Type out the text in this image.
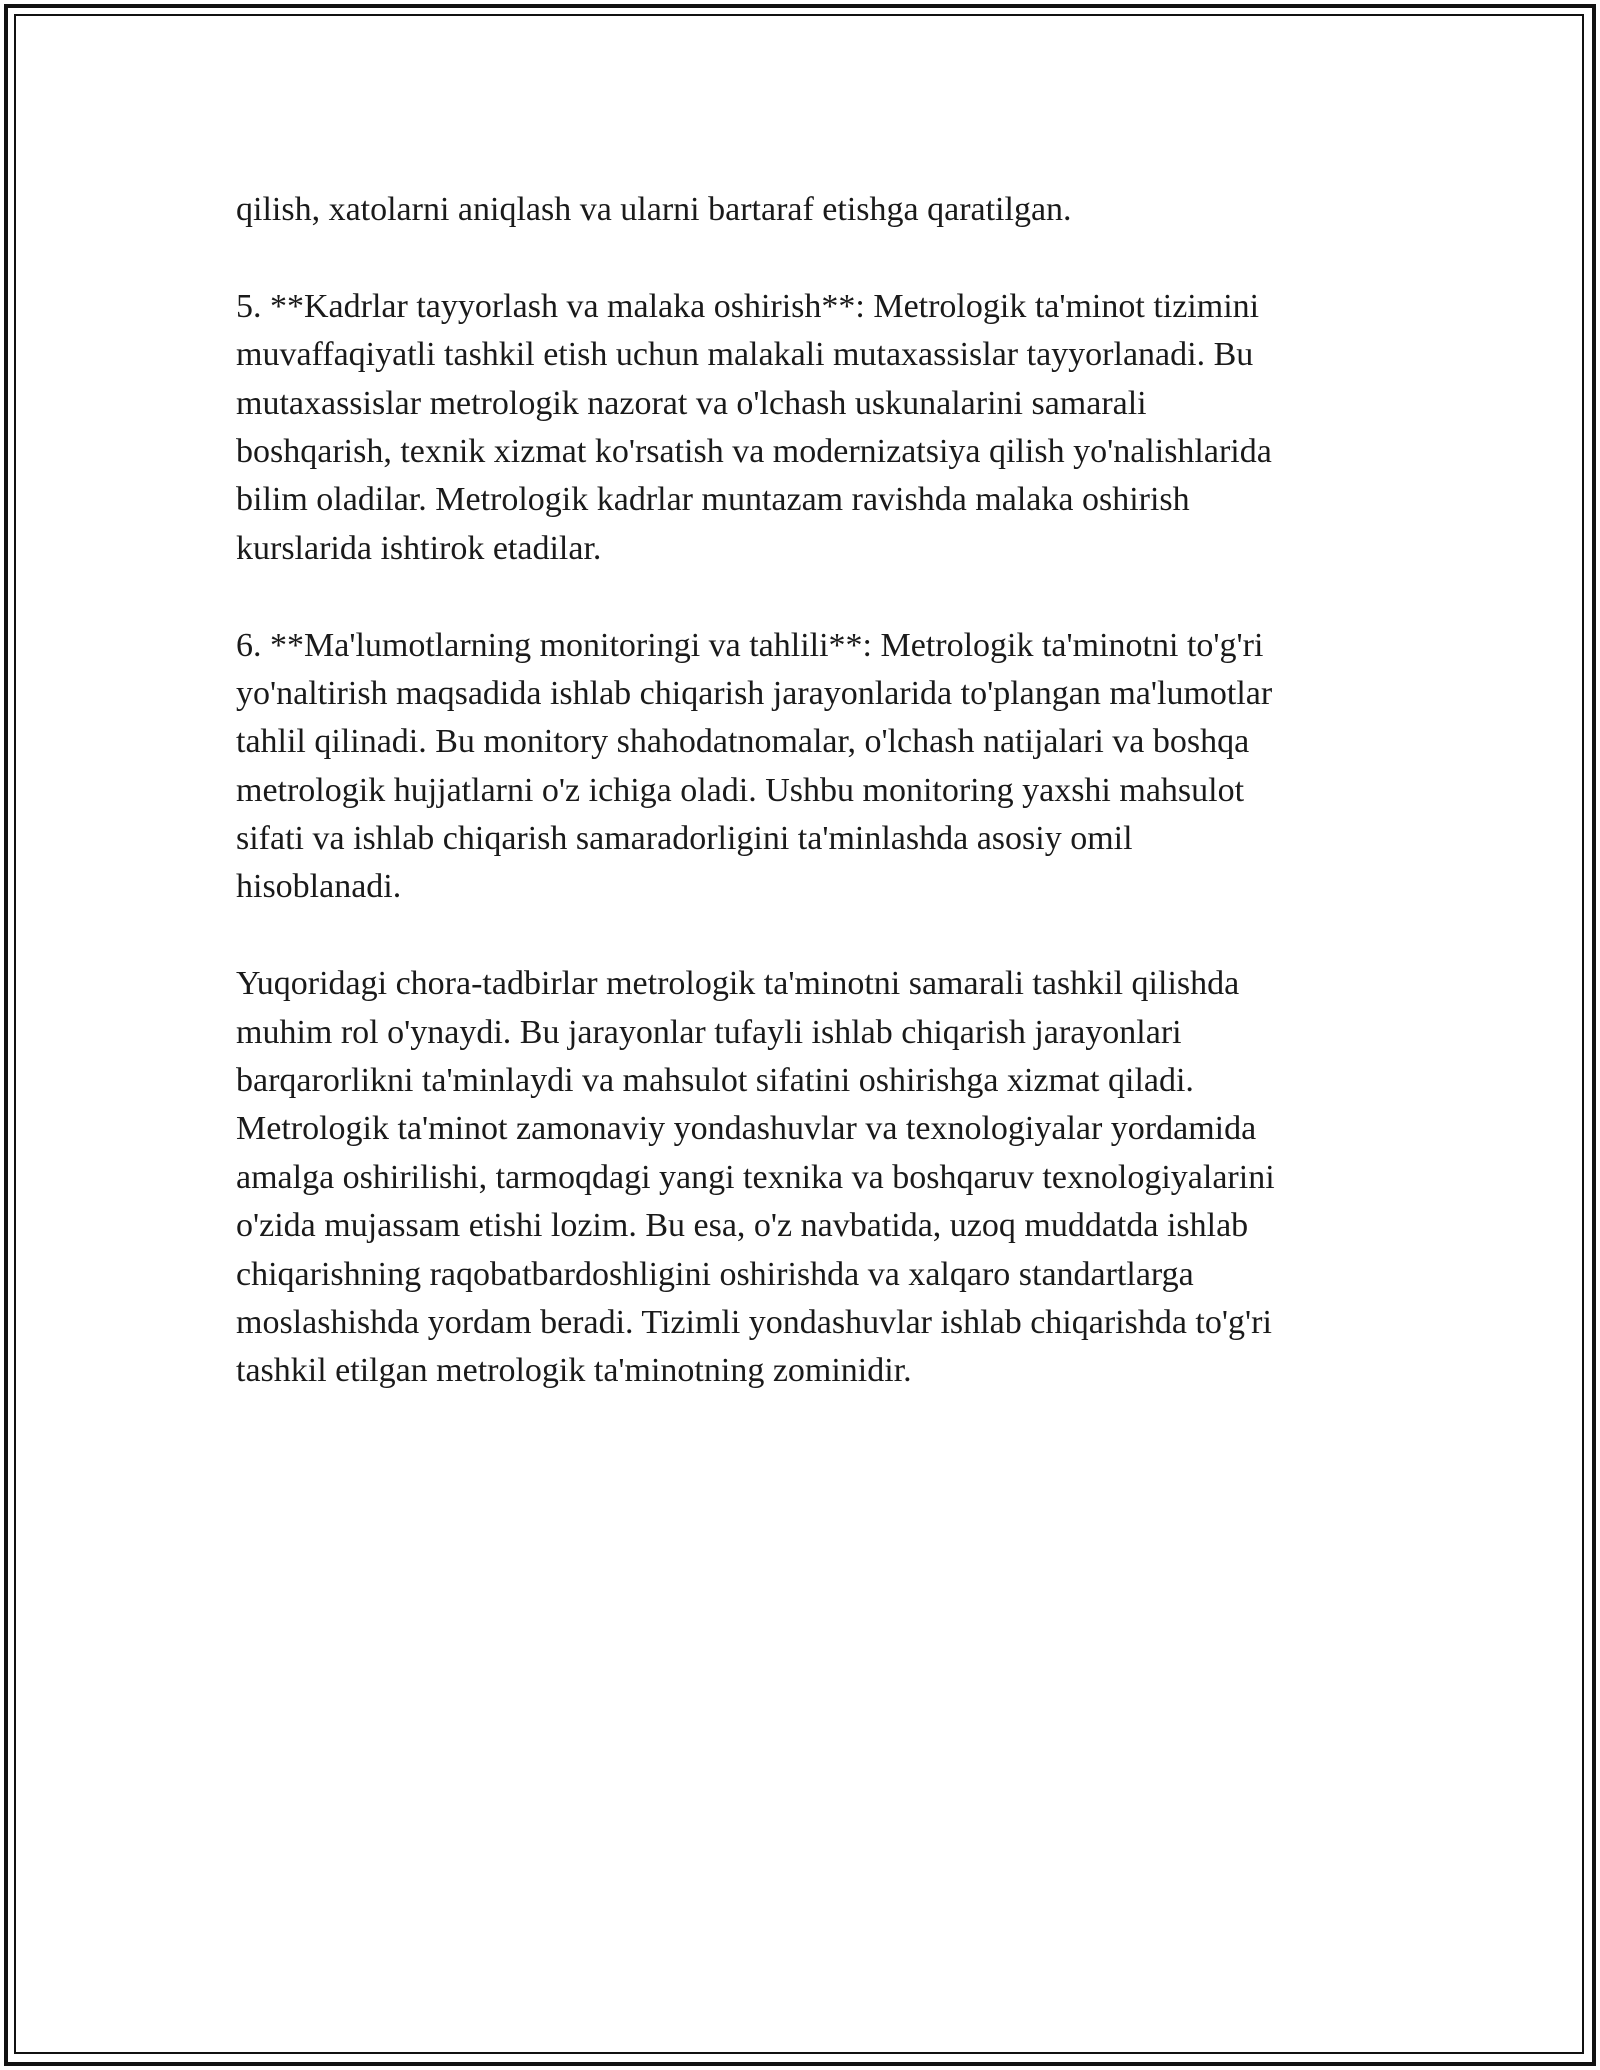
qilish, xatolarni aniqlash va ularni bartaraf etishga qaratilgan.
5. **Kadrlar tayyorlash va malaka oshirish**: Metrologik ta'minot tizimini
muvaffaqiyatli tashkil etish uchun malakali mutaxassislar tayyorlanadi. Bu
mutaxassislar metrologik nazorat va o'lchash uskunalarini samarali
boshqarish, texnik xizmat ko'rsatish va modernizatsiya qilish yo'nalishlarida
bilim oladilar. Metrologik kadrlar muntazam ravishda malaka oshirish
kurslarida ishtirok etadilar.
6. **Ma'lumotlarning monitoringi va tahlili**: Metrologik ta'minotni to'g'ri
yo'naltirish maqsadida ishlab chiqarish jarayonlarida to'plangan ma'lumotlar
tahlil qilinadi. Bu monitory shahodatnomalar, o'lchash natijalari va boshqa
metrologik hujjatlarni o'z ichiga oladi. Ushbu monitoring yaxshi mahsulot
sifati va ishlab chiqarish samaradorligini ta'minlashda asosiy omil
hisoblanadi.
Yuqoridagi chora-tadbirlar metrologik ta'minotni samarali tashkil qilishda
muhim rol o'ynaydi. Bu jarayonlar tufayli ishlab chiqarish jarayonlari
barqarorlikni ta'minlaydi va mahsulot sifatini oshirishga xizmat qiladi.
Metrologik ta'minot zamonaviy yondashuvlar va texnologiyalar yordamida
amalga oshirilishi, tarmoqdagi yangi texnika va boshqaruv texnologiyalarini
o'zida mujassam etishi lozim. Bu esa, o'z navbatida, uzoq muddatda ishlab
chiqarishning raqobatbardoshligini oshirishda va xalqaro standartlarga
moslashishda yordam beradi. Tizimli yondashuvlar ishlab chiqarishda to'g'ri
tashkil etilgan metrologik ta'minotning zominidir.
